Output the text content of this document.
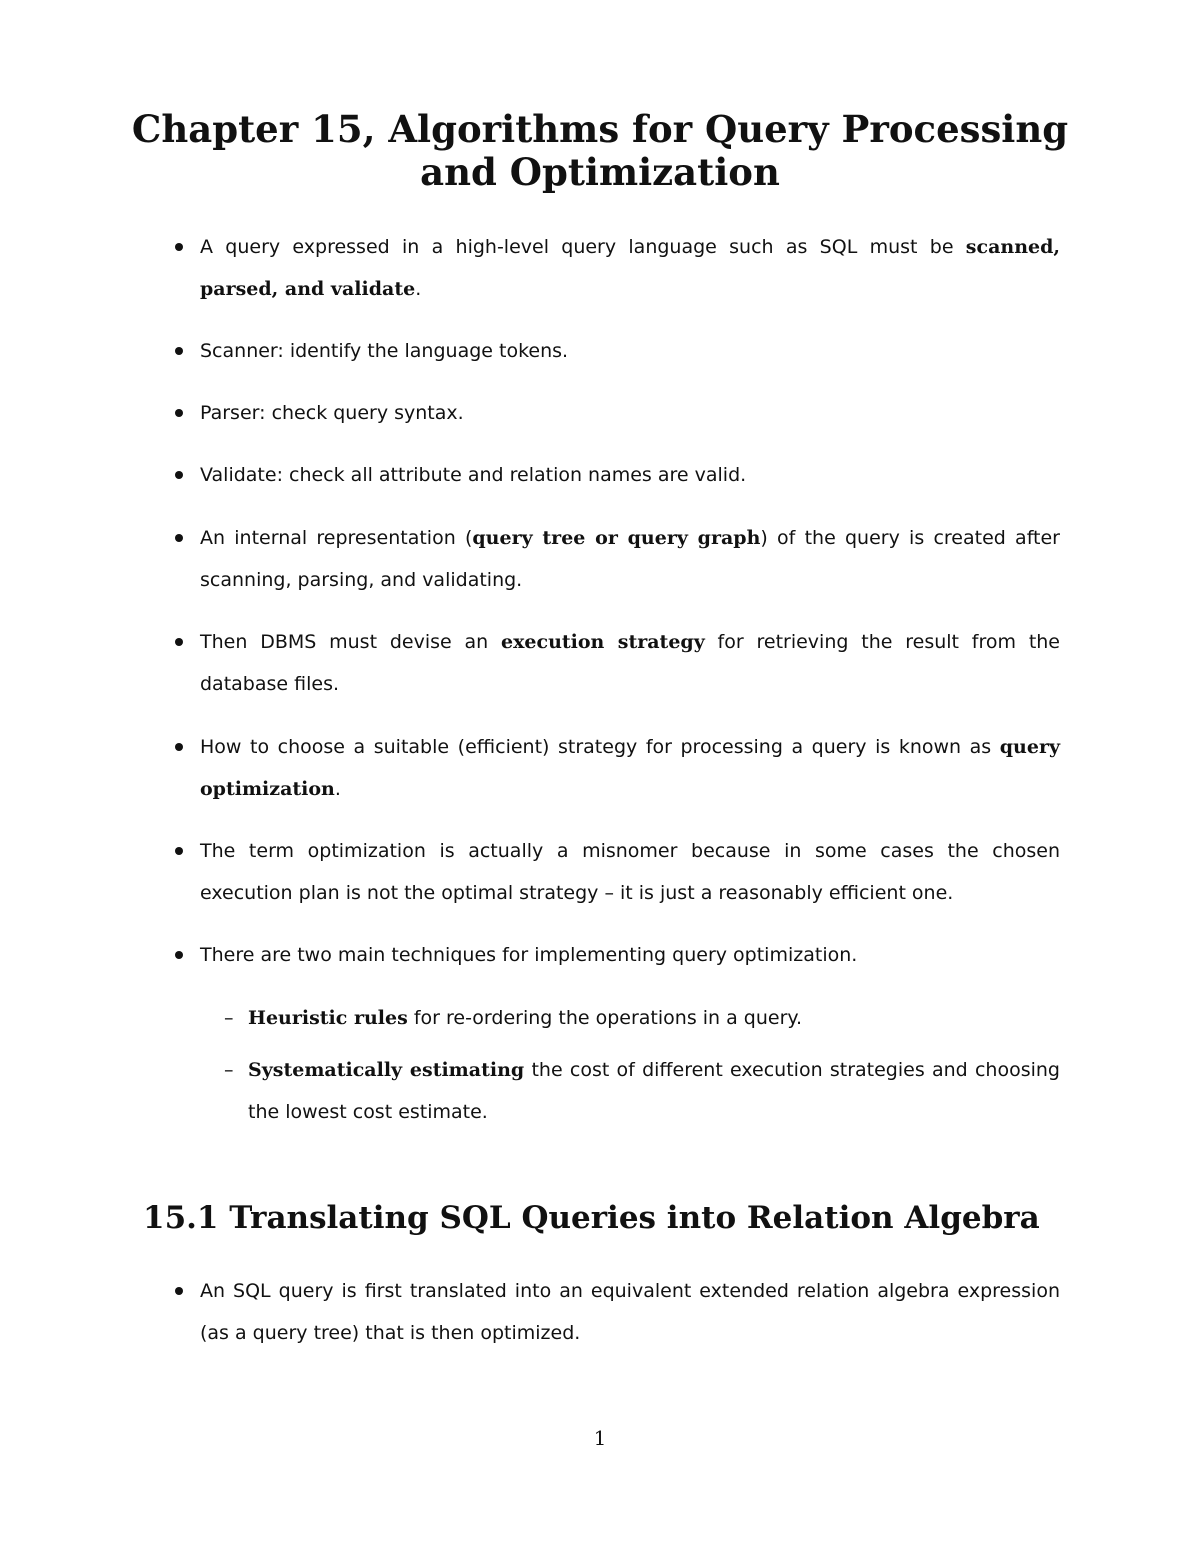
Chapter 15, Algorithms for Query Processing
and Optimization
A query expressed in a high-level query language such as SQL must be scanned, parsed, and validate.
Scanner: identify the language tokens.
Parser: check query syntax.
Validate: check all attribute and relation names are valid.
An internal representation (query tree or query graph) of the query is created after scanning, parsing, and validating.
Then DBMS must devise an execution strategy for retrieving the result from the database files.
How to choose a suitable (efficient) strategy for processing a query is known as query optimization.
The term optimization is actually a misnomer because in some cases the chosen execution plan is not the optimal strategy – it is just a reasonably efficient one.
There are two main techniques for implementing query optimization.
– Heuristic rules for re-ordering the operations in a query.
– Systematically estimating the cost of different execution strategies and choosing the lowest cost estimate.
15.1 Translating SQL Queries into Relation Algebra
An SQL query is first translated into an equivalent extended relation algebra expression (as a query tree) that is then optimized.
1
